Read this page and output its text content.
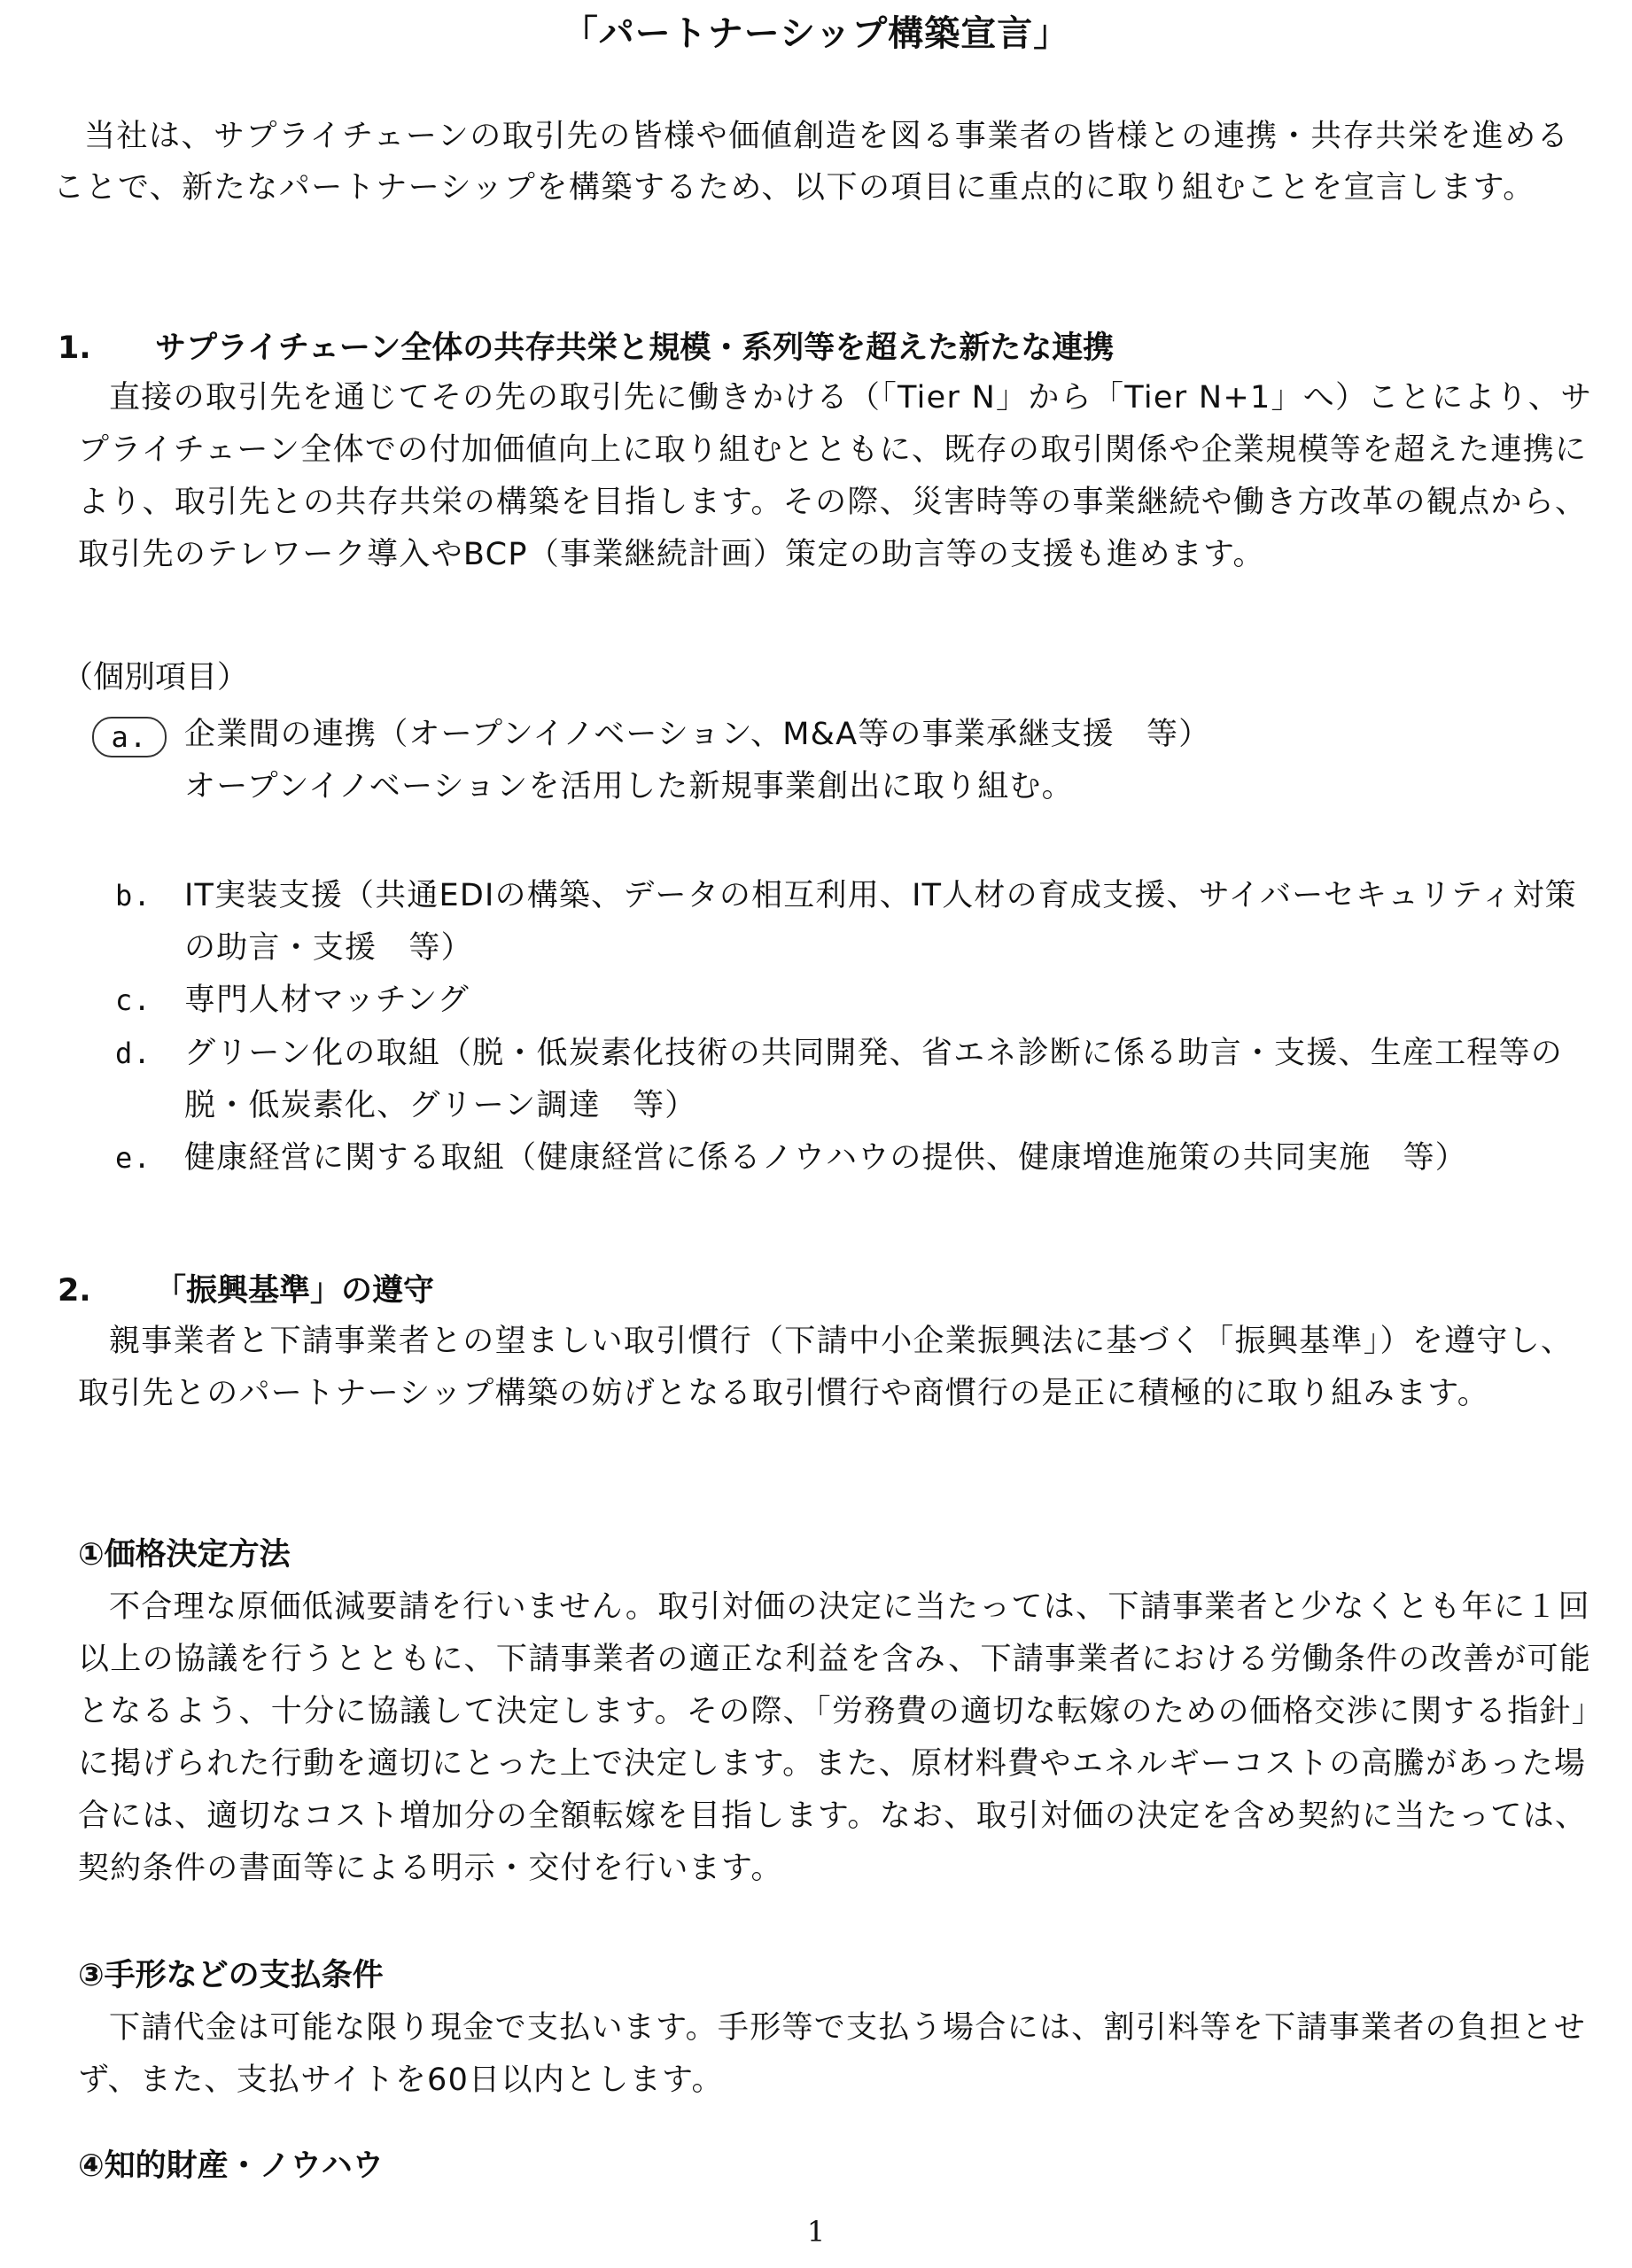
「パートナーシップ構築宣言」
当社は、サプライチェーンの取引先の皆様や価値創造を図る事業者の皆様との連携・共存共栄を進めることで、新たなパートナーシップを構築するため、以下の項目に重点的に取り組むことを宣言します。
1. サプライチェーン全体の共存共栄と規模・系列等を超えた新たな連携
直接の取引先を通じてその先の取引先に働きかける（「Tier N」から「Tier N+1」へ）ことにより、サプライチェーン全体での付加価値向上に取り組むとともに、既存の取引関係や企業規模等を超えた連携により、取引先との共存共栄の構築を目指します。その際、災害時等の事業継続や働き方改革の観点から、取引先のテレワーク導入やBCP（事業継続計画）策定の助言等の支援も進めます。
（個別項目）
a.	企業間の連携（オープンイノベーション、M&A等の事業承継支援　等）
オープンイノベーションを活用した新規事業創出に取り組む。
b. IT実装支援（共通EDIの構築、データの相互利用、IT人材の育成支援、サイバーセキュリティ対策の助言・支援　等）
c. 専門人材マッチング
d. グリーン化の取組（脱・低炭素化技術の共同開発、省エネ診断に係る助言・支援、生産工程等の脱・低炭素化、グリーン調達　等）
e. 健康経営に関する取組（健康経営に係るノウハウの提供、健康増進施策の共同実施　等）
2. 「振興基準」の遵守
親事業者と下請事業者との望ましい取引慣行（下請中小企業振興法に基づく「振興基準」）を遵守し、取引先とのパートナーシップ構築の妨げとなる取引慣行や商慣行の是正に積極的に取り組みます。
①価格決定方法
不合理な原価低減要請を行いません。取引対価の決定に当たっては、下請事業者と少なくとも年に１回以上の協議を行うとともに、下請事業者の適正な利益を含み、下請事業者における労働条件の改善が可能となるよう、十分に協議して決定します。その際、「労務費の適切な転嫁のための価格交渉に関する指針」に掲げられた行動を適切にとった上で決定します。また、原材料費やエネルギーコストの高騰があった場合には、適切なコスト増加分の全額転嫁を目指します。なお、取引対価の決定を含め契約に当たっては、契約条件の書面等による明示・交付を行います。
③手形などの支払条件
下請代金は可能な限り現金で支払います。手形等で支払う場合には、割引料等を下請事業者の負担とせず、また、支払サイトを60日以内とします。
④知的財産・ノウハウ
1
